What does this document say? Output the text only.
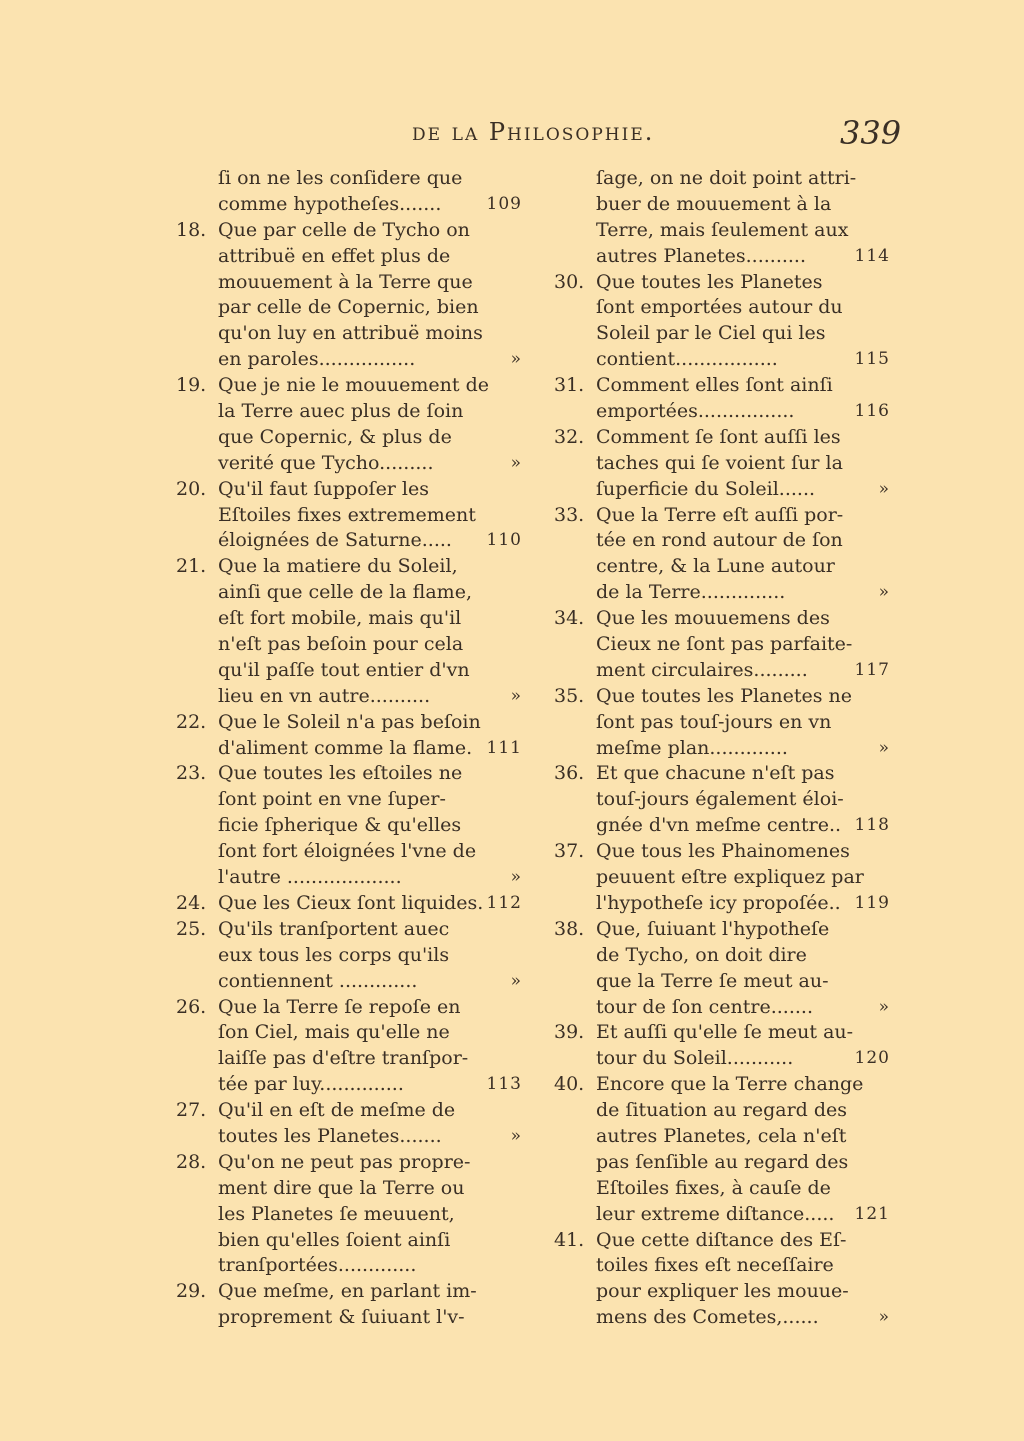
de la Philosophie.	339
ſi on ne les conſidere que
comme hypotheſes.......	109
18. Que par celle de Tycho on
attribuë en effet plus de
mouuement à la Terre que
par celle de Copernic, bien
qu'on luy en attribuë moins
en paroles................	»
19. Que je nie le mouuement de
la Terre auec plus de ſoin
que Copernic, & plus de
verité que Tycho.........	»
20. Qu'il faut ſuppoſer les
Eſtoiles fixes extremement
éloignées de Saturne..... 110
21. Que la matiere du Soleil,
ainſi que celle de la flame,
eſt fort mobile, mais qu'il
n'eſt pas beſoin pour cela
qu'il paſſe tout entier d'vn
lieu en vn autre..........	»
22. Que le Soleil n'a pas beſoin
d'aliment comme la flame. 111
23. Que toutes les eſtoiles ne
ſont point en vne ſuper-
ficie ſpherique & qu'elles
ſont fort éloignées l'vne de
l'autre ...................	»
24. Que les Cieux ſont liquides. 112
25. Qu'ils tranſportent auec
eux tous les corps qu'ils
contiennent .............	»
26. Que la Terre ſe repoſe en
ſon Ciel, mais qu'elle ne
laiſſe pas d'eſtre tranſpor-
tée par luy..............	113
27. Qu'il en eſt de meſme de
toutes les Planetes.......	»
28. Qu'on ne peut pas propre-
ment dire que la Terre ou
les Planetes ſe meuuent,
bien qu'elles ſoient ainſi
tranſportées.............
29. Que meſme, en parlant im-
proprement & ſuiuant l'v-
ſage, on ne doit point attri-
buer de mouuement à la
Terre, mais ſeulement aux
autres Planetes..........	114
30. Que toutes les Planetes
ſont emportées autour du
Soleil par le Ciel qui les
contient.................	115
31. Comment elles ſont ainſi
emportées................	116
32. Comment ſe ſont auſſi les
taches qui ſe voient ſur la
ſuperficie du Soleil......	»
33. Que la Terre eſt auſſi por-
tée en rond autour de ſon
centre, & la Lune autour
de la Terre..............	»
34. Que les mouuemens des
Cieux ne ſont pas parfaite-
ment circulaires.........	117
35. Que toutes les Planetes ne
ſont pas touſ-jours en vn
meſme plan.............	»
36. Et que chacune n'eſt pas
touſ-jours également éloi-
gnée d'vn meſme centre.. 118
37. Que tous les Phainomenes
peuuent eſtre expliquez par
l'hypotheſe icy propoſée.. 119
38. Que, ſuiuant l'hypotheſe
de Tycho, on doit dire
que la Terre ſe meut au-
tour de ſon centre.......	»
39. Et auſſi qu'elle ſe meut au-
tour du Soleil...........	120
40. Encore que la Terre change
de ſituation au regard des
autres Planetes, cela n'eſt
pas ſenſible au regard des
Eſtoiles fixes, à cauſe de
leur extreme diſtance..... 121
41. Que cette diſtance des Eſ-
toiles fixes eſt neceſſaire
pour expliquer les mouue-
mens des Cometes,......	»
